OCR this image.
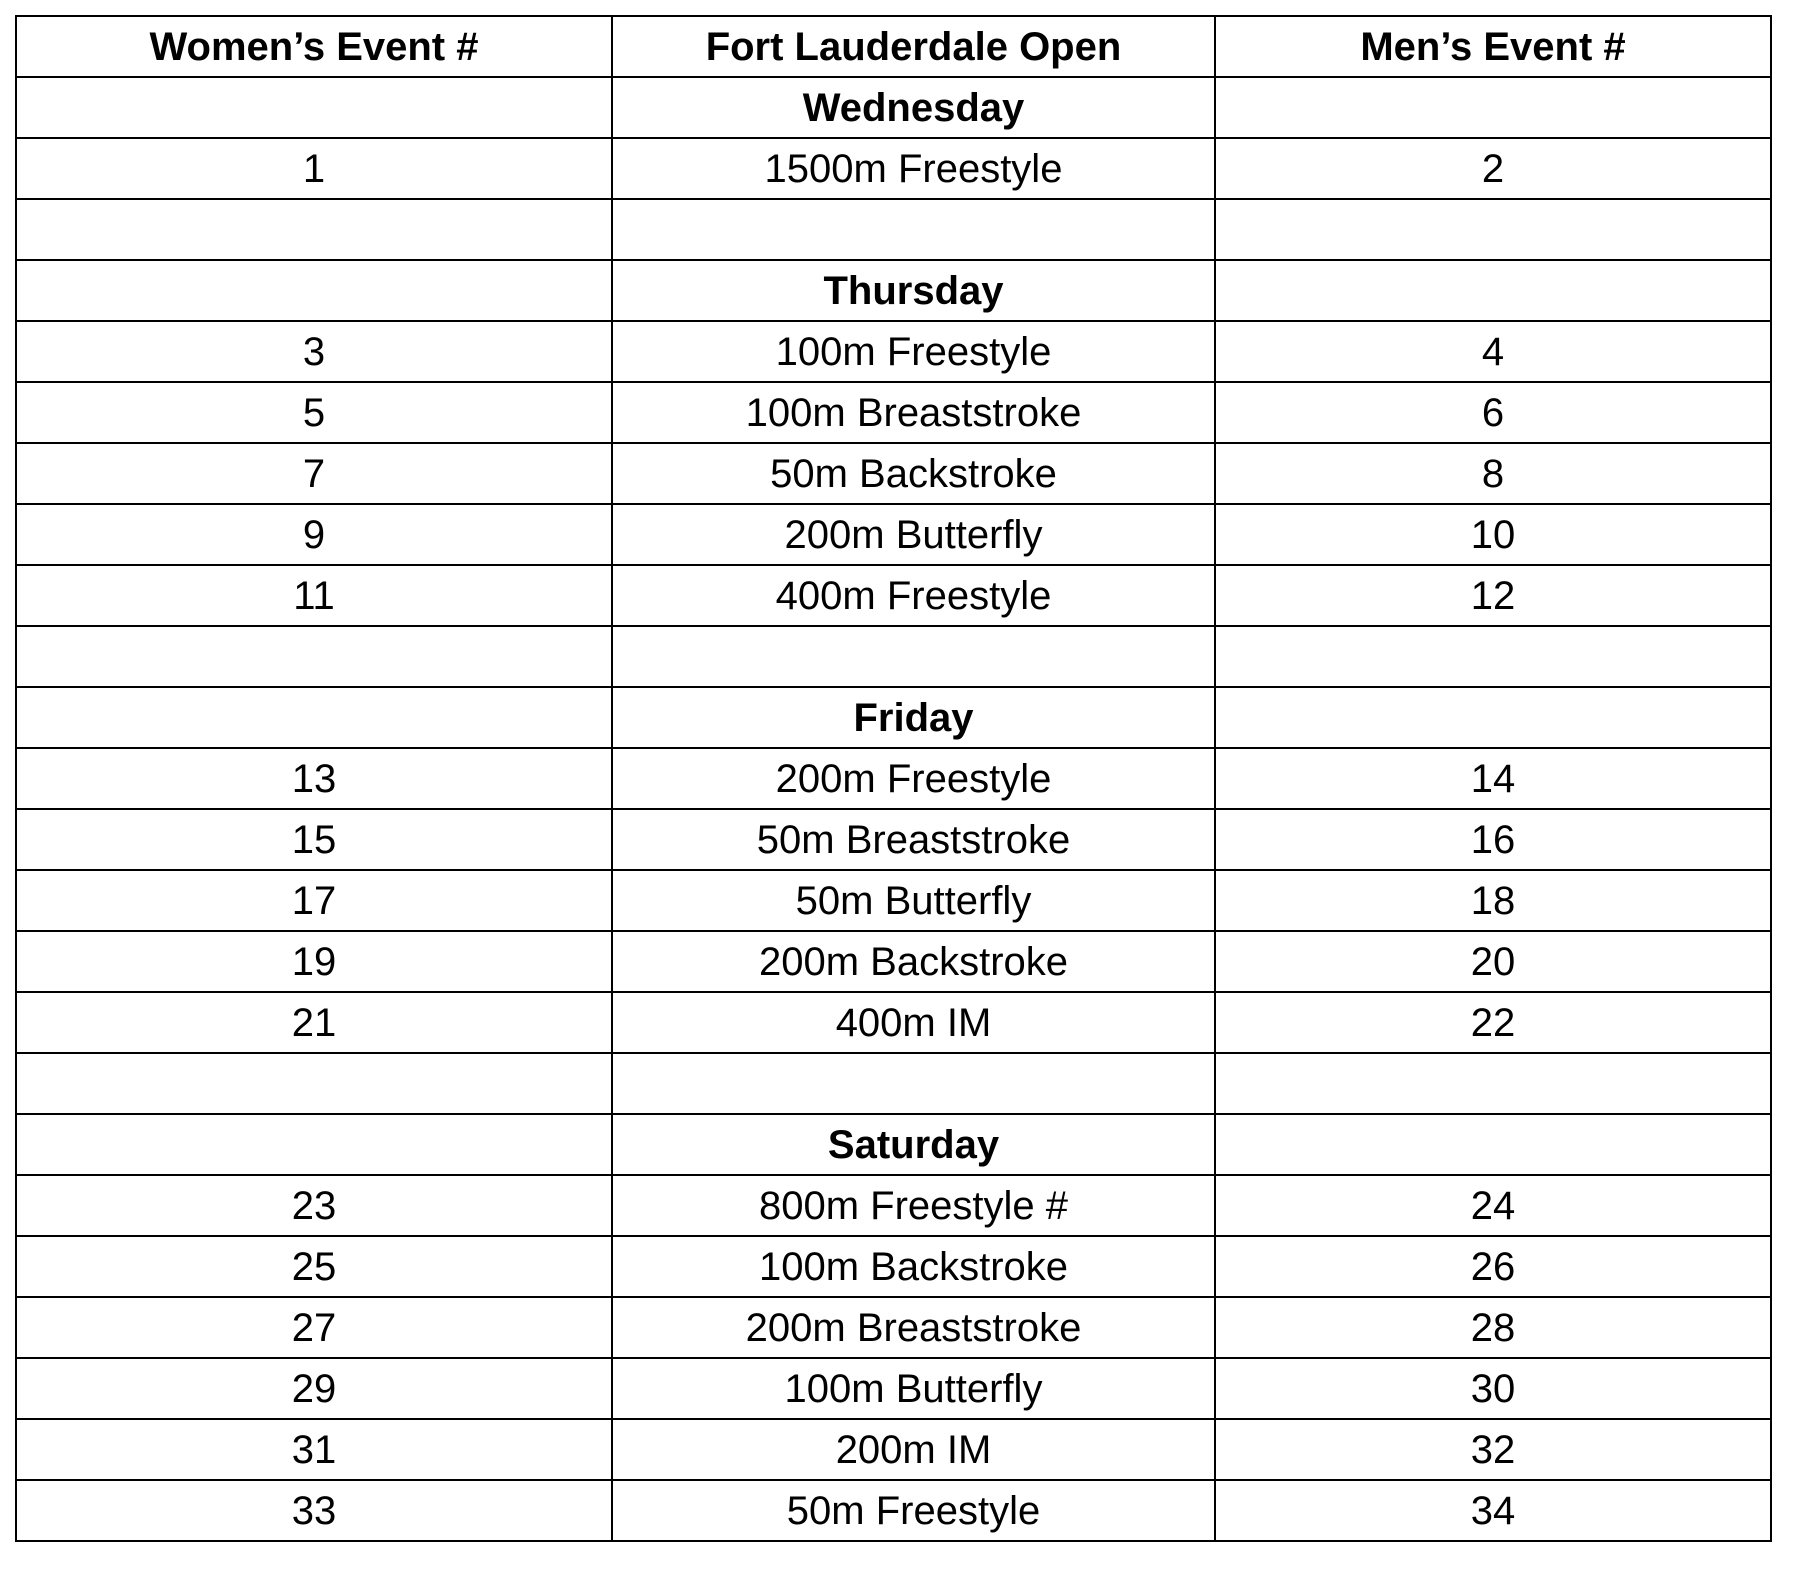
Women’s Event #	Fort Lauderdale Open	Men’s Event #
	Wednesday	
1	1500m Freestyle	2

	Thursday	
3	100m Freestyle	4
5	100m Breaststroke	6
7	50m Backstroke	8
9	200m Butterfly	10
11	400m Freestyle	12

	Friday	
13	200m Freestyle	14
15	50m Breaststroke	16
17	50m Butterfly	18
19	200m Backstroke	20
21	400m IM	22

	Saturday	
23	800m Freestyle #	24
25	100m Backstroke	26
27	200m Breaststroke	28
29	100m Butterfly	30
31	200m IM	32
33	50m Freestyle	34
